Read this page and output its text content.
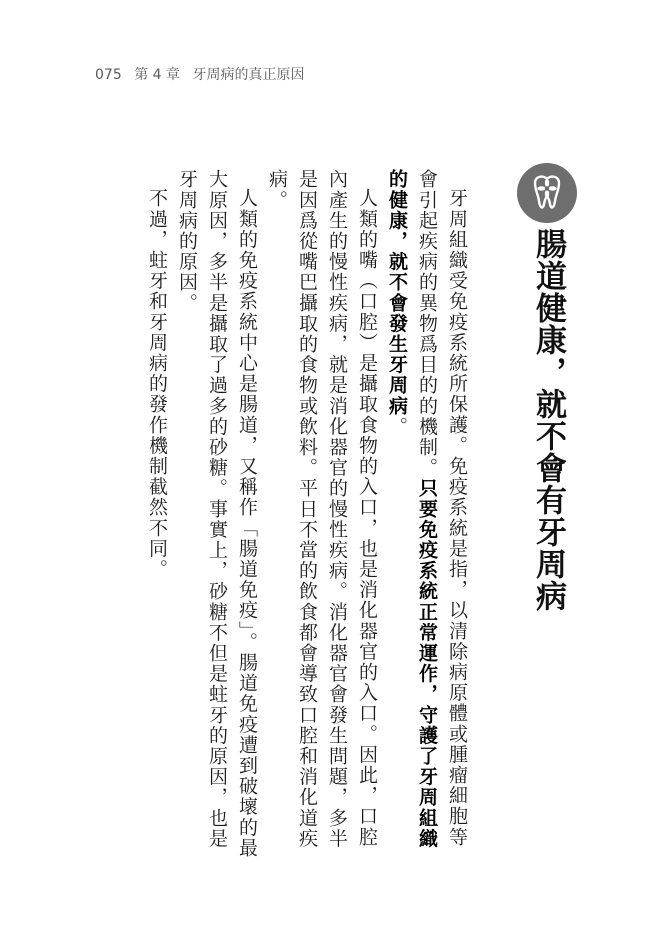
075 第 4 章 牙周病的真正原因
腸道健康，就不會有牙周病

牙周組織受免疫系統所保護。免疫系統是指，以清除病原體或腫瘤細胞等會引起疾病的異物爲目的的機制。只要免疫系統正常運作，守護了牙周組織的健康，就不會發生牙周病。

人類的嘴（口腔）是攝取食物的入口，也是消化器官的入口。因此，口腔內產生的慢性疾病，就是消化器官的慢性疾病。消化器官會發生問題，多半是因爲從嘴巴攝取的食物或飲料。平日不當的飲食都會導致口腔和消化道疾病。

人類的免疫系統中心是腸道，又稱作「腸道免疫」。腸道免疫遭到破壞的最大原因，多半是攝取了過多的砂糖。事實上，砂糖不但是蛀牙的原因，也是牙周病的原因。

不過，蛀牙和牙周病的發作機制截然不同。
